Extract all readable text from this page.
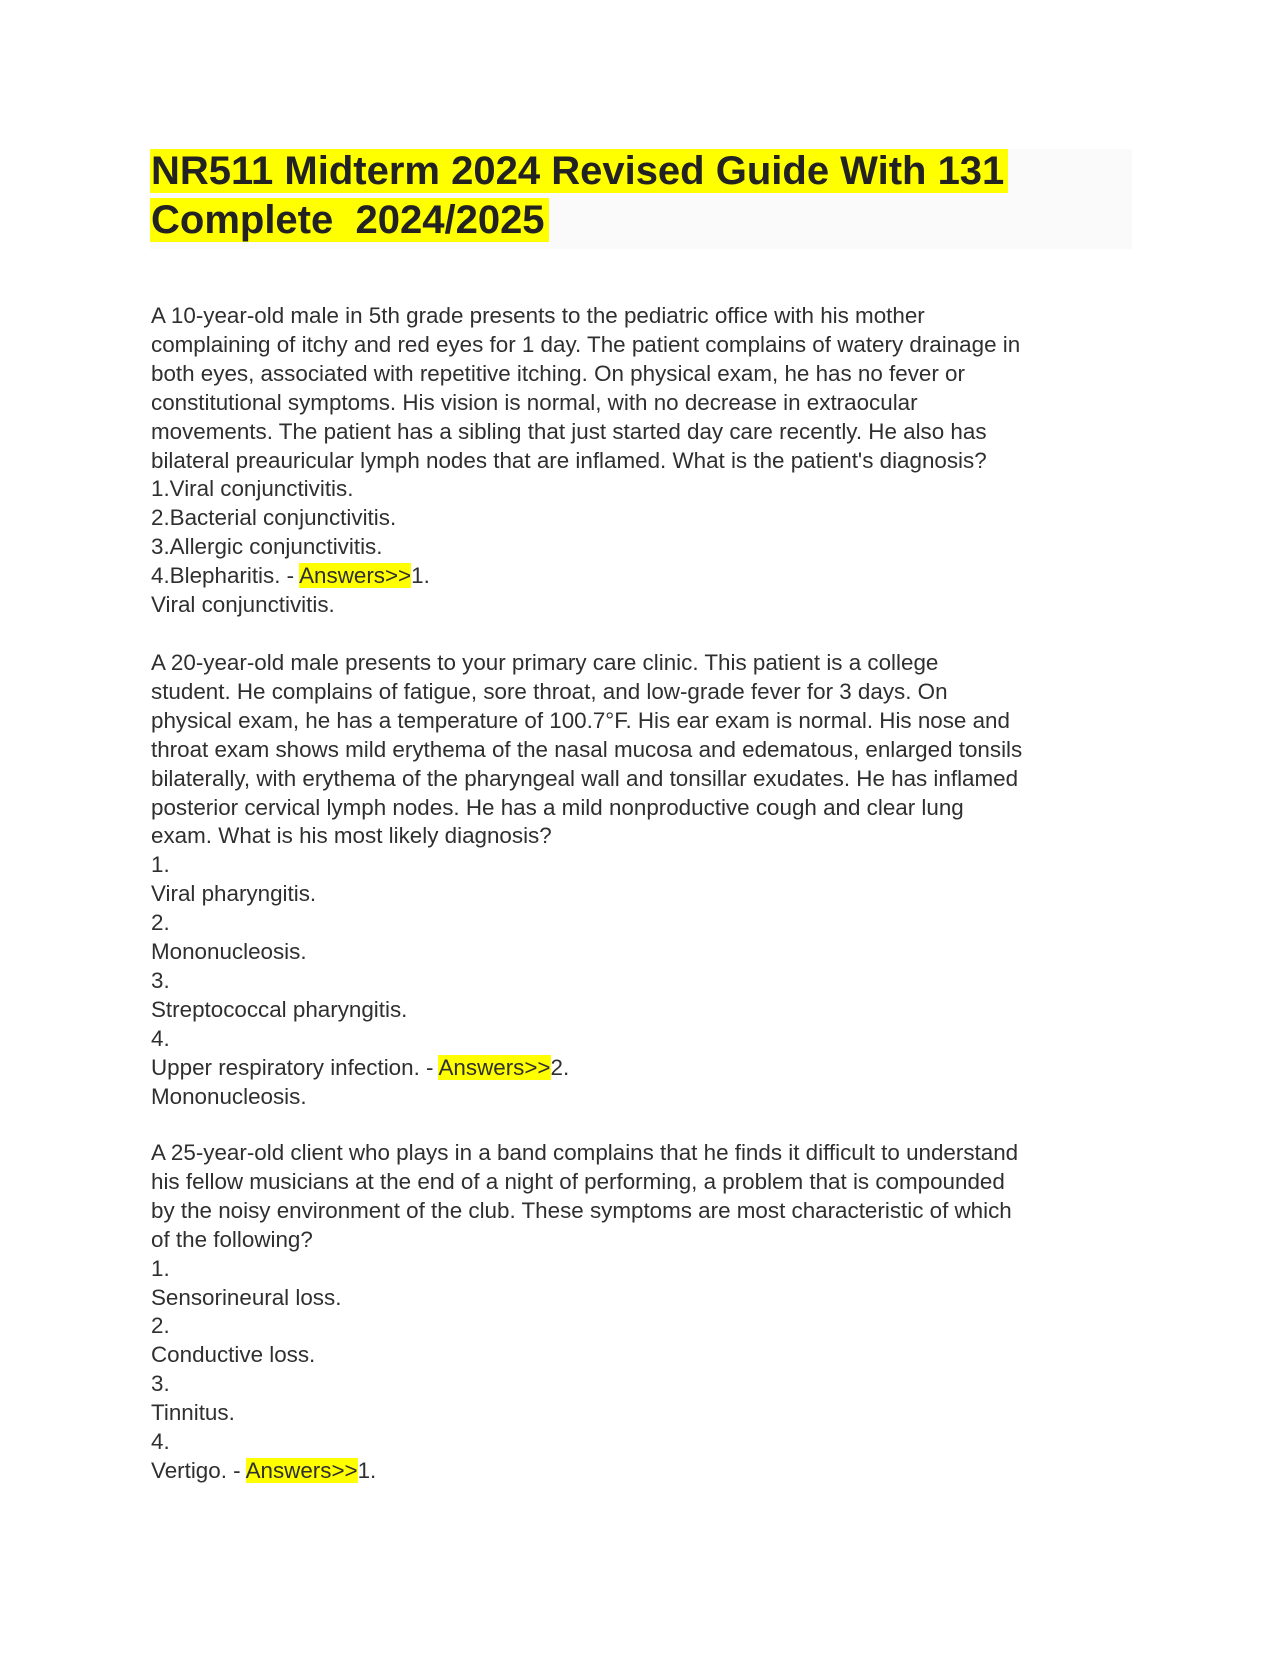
NR511 Midterm 2024 Revised Guide With 131
Complete  2024/2025
A 10-year-old male in 5th grade presents to the pediatric office with his mother
complaining of itchy and red eyes for 1 day. The patient complains of watery drainage in
both eyes, associated with repetitive itching. On physical exam, he has no fever or
constitutional symptoms. His vision is normal, with no decrease in extraocular
movements. The patient has a sibling that just started day care recently. He also has
bilateral preauricular lymph nodes that are inflamed. What is the patient's diagnosis?
1.Viral conjunctivitis.
2.Bacterial conjunctivitis.
3.Allergic conjunctivitis.
4.Blepharitis. - Answers>>1.
Viral conjunctivitis.
A 20-year-old male presents to your primary care clinic. This patient is a college
student. He complains of fatigue, sore throat, and low-grade fever for 3 days. On
physical exam, he has a temperature of 100.7°F. His ear exam is normal. His nose and
throat exam shows mild erythema of the nasal mucosa and edematous, enlarged tonsils
bilaterally, with erythema of the pharyngeal wall and tonsillar exudates. He has inflamed
posterior cervical lymph nodes. He has a mild nonproductive cough and clear lung
exam. What is his most likely diagnosis?
1.
Viral pharyngitis.
2.
Mononucleosis.
3.
Streptococcal pharyngitis.
4.
Upper respiratory infection. - Answers>>2.
Mononucleosis.
A 25-year-old client who plays in a band complains that he finds it difficult to understand
his fellow musicians at the end of a night of performing, a problem that is compounded
by the noisy environment of the club. These symptoms are most characteristic of which
of the following?
1.
Sensorineural loss.
2.
Conductive loss.
3.
Tinnitus.
4.
Vertigo. - Answers>>1.
